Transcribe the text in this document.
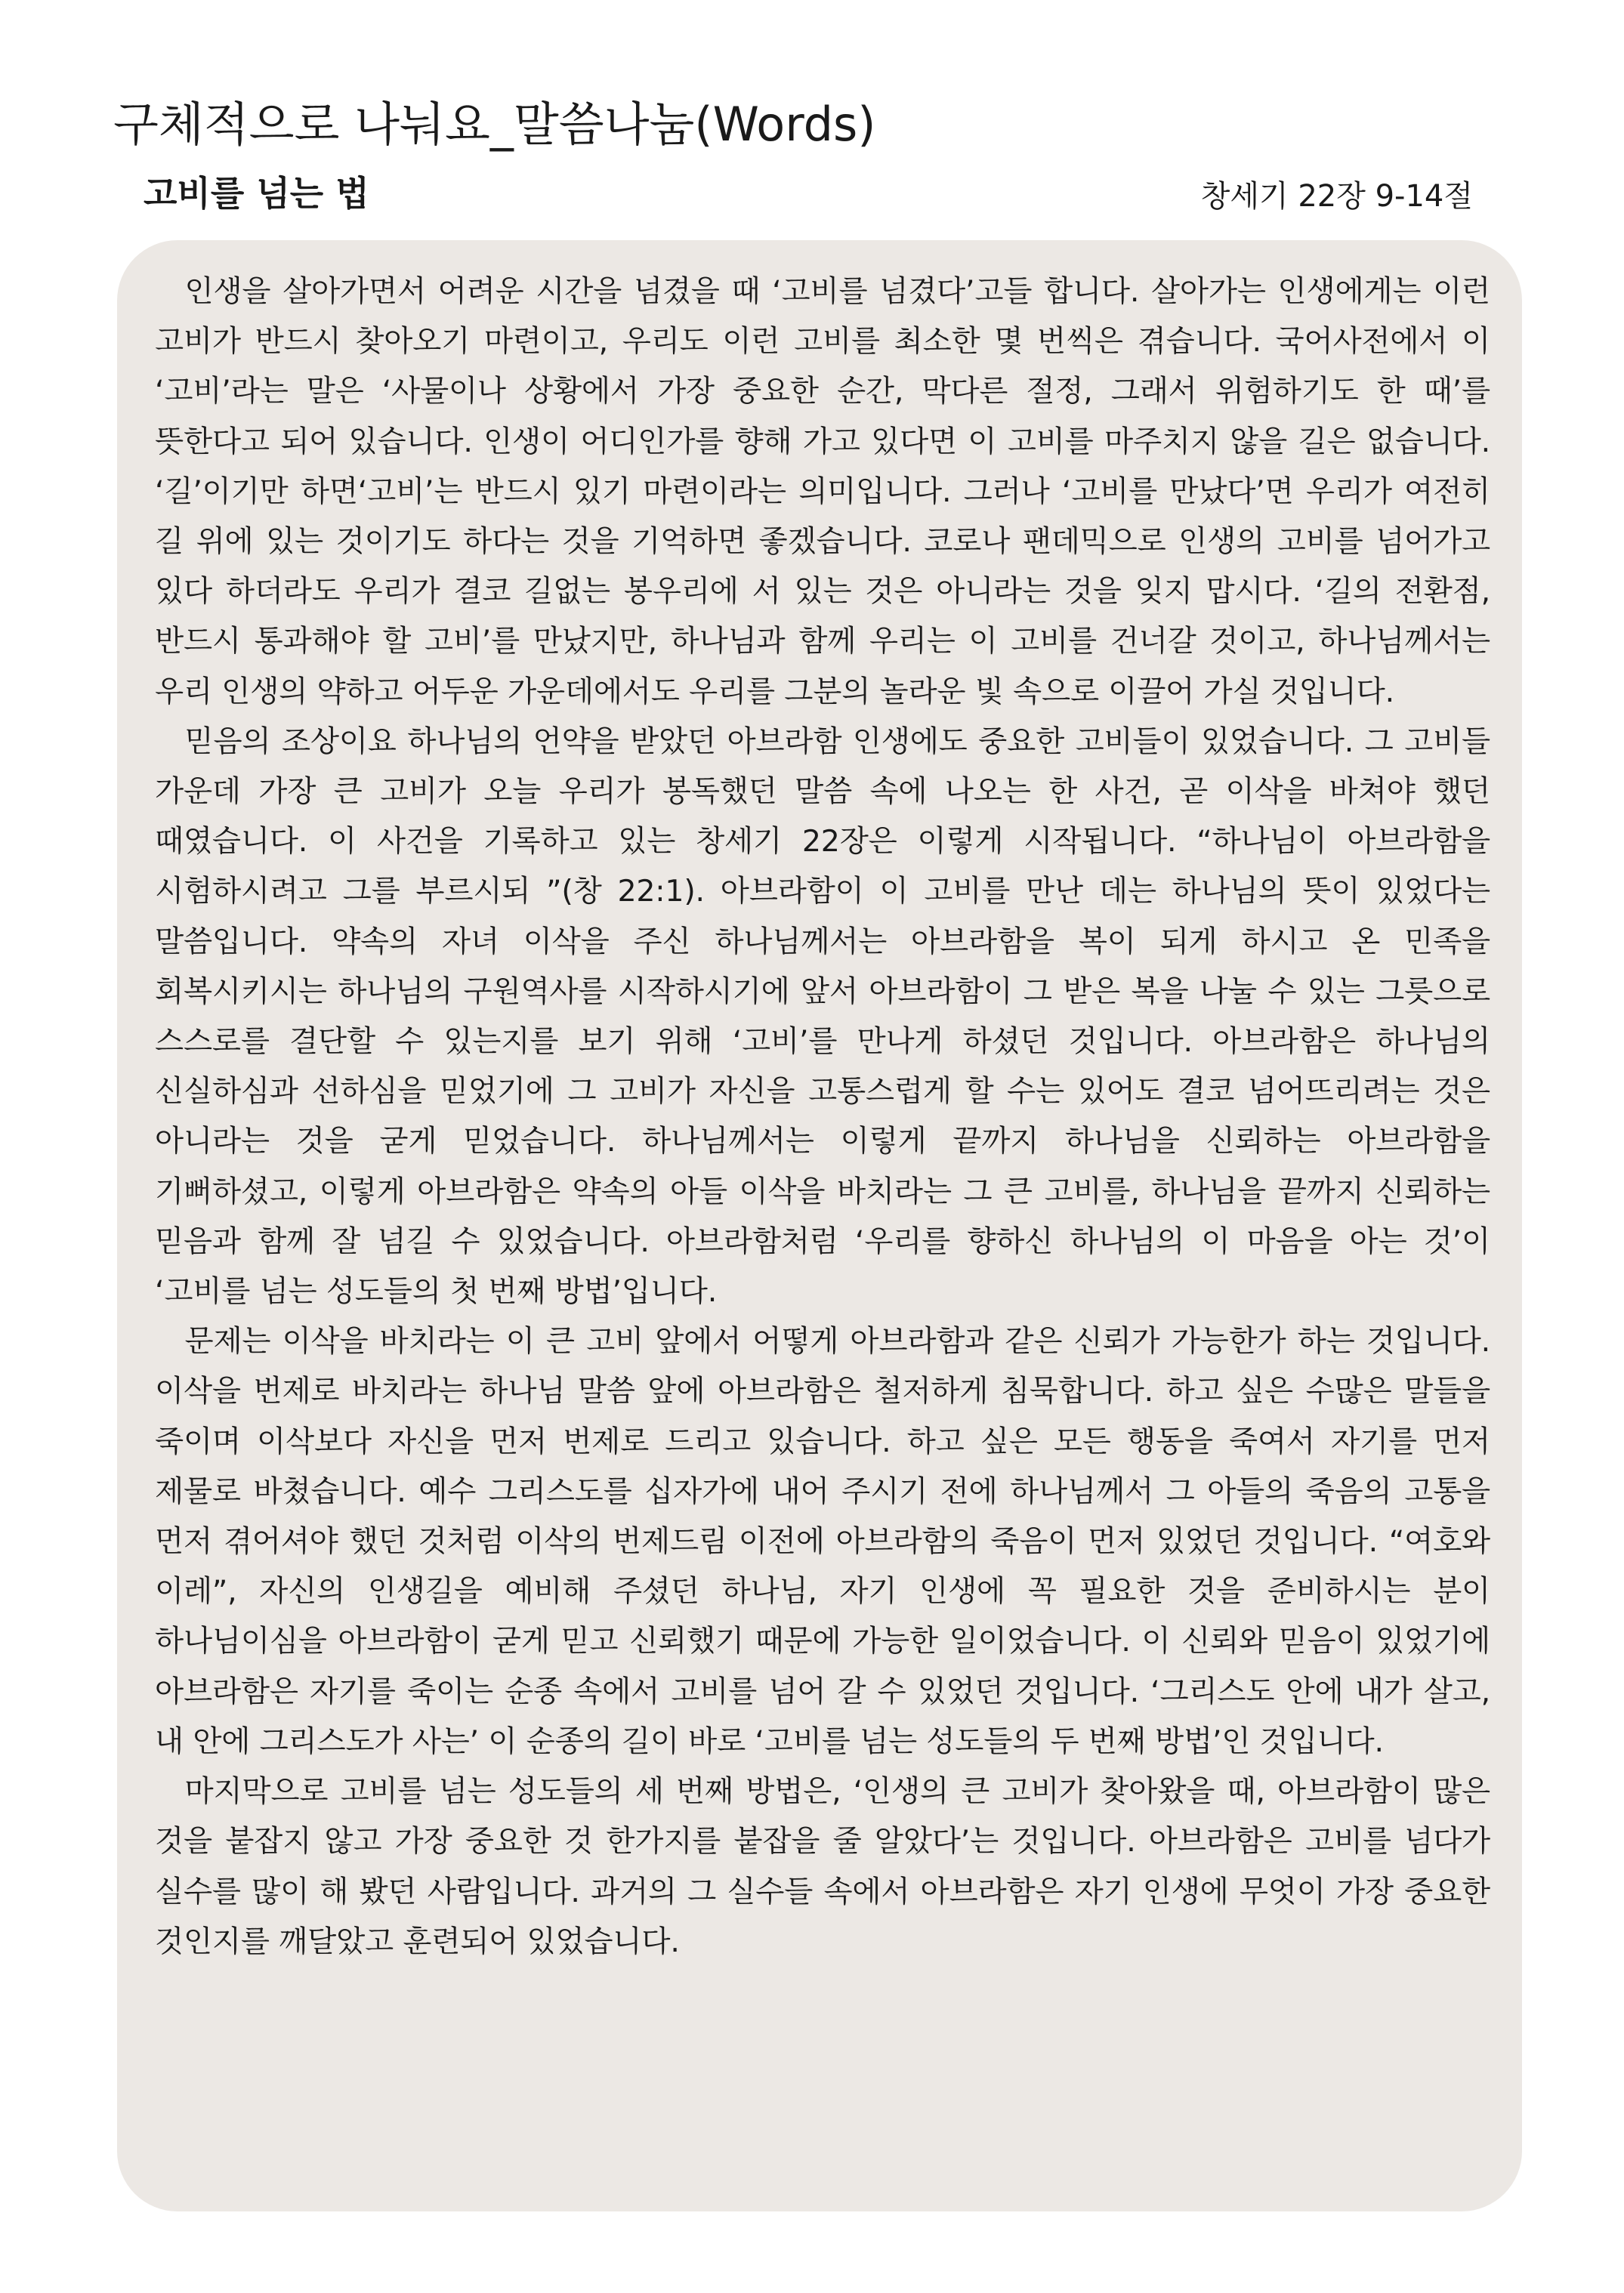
구체적으로 나눠요_말씀나눔(Words)
고비를 넘는 법	창세기 22장 9-14절

인생을 살아가면서 어려운 시간을 넘겼을 때 ‘고비를 넘겼다’고들 합니다. 살아가는 인생에게는 이런 고비가 반드시 찾아오기 마련이고, 우리도 이런 고비를 최소한 몇 번씩은 겪습니다. 국어사전에서 이 ‘고비’라는 말은 ‘사물이나 상황에서 가장 중요한 순간, 막다른 절정, 그래서 위험하기도 한 때’를 뜻한다고 되어 있습니다. 인생이 어디인가를 향해 가고 있다면 이 고비를 마주치지 않을 길은 없습니다. ‘길’이기만 하면‘고비’는 반드시 있기 마련이라는 의미입니다. 그러나 ‘고비를 만났다’면 우리가 여전히 길 위에 있는 것이기도 하다는 것을 기억하면 좋겠습니다. 코로나 팬데믹으로 인생의 고비를 넘어가고 있다 하더라도 우리가 결코 길없는 봉우리에 서 있는 것은 아니라는 것을 잊지 맙시다. ‘길의 전환점, 반드시 통과해야 할 고비’를 만났지만, 하나님과 함께 우리는 이 고비를 건너갈 것이고, 하나님께서는 우리 인생의 약하고 어두운 가운데에서도 우리를 그분의 놀라운 빛 속으로 이끌어 가실 것입니다.

믿음의 조상이요 하나님의 언약을 받았던 아브라함 인생에도 중요한 고비들이 있었습니다. 그 고비들 가운데 가장 큰 고비가 오늘 우리가 봉독했던 말씀 속에 나오는 한 사건, 곧 이삭을 바쳐야 했던 때였습니다. 이 사건을 기록하고 있는 창세기 22장은 이렇게 시작됩니다. “하나님이 아브라함을 시험하시려고 그를 부르시되 ”(창 22:1). 아브라함이 이 고비를 만난 데는 하나님의 뜻이 있었다는 말씀입니다. 약속의 자녀 이삭을 주신 하나님께서는 아브라함을 복이 되게 하시고 온 민족을 회복시키시는 하나님의 구원역사를 시작하시기에 앞서 아브라함이 그 받은 복을 나눌 수 있는 그릇으로 스스로를 결단할 수 있는지를 보기 위해 ‘고비’를 만나게 하셨던 것입니다. 아브라함은 하나님의 신실하심과 선하심을 믿었기에 그 고비가 자신을 고통스럽게 할 수는 있어도 결코 넘어뜨리려는 것은 아니라는 것을 굳게 믿었습니다. 하나님께서는 이렇게 끝까지 하나님을 신뢰하는 아브라함을 기뻐하셨고, 이렇게 아브라함은 약속의 아들 이삭을 바치라는 그 큰 고비를, 하나님을 끝까지 신뢰하는 믿음과 함께 잘 넘길 수 있었습니다. 아브라함처럼 ‘우리를 향하신 하나님의 이 마음을 아는 것’이 ‘고비를 넘는 성도들의 첫 번째 방법’입니다.

문제는 이삭을 바치라는 이 큰 고비 앞에서 어떻게 아브라함과 같은 신뢰가 가능한가 하는 것입니다. 이삭을 번제로 바치라는 하나님 말씀 앞에 아브라함은 철저하게 침묵합니다. 하고 싶은 수많은 말들을 죽이며 이삭보다 자신을 먼저 번제로 드리고 있습니다. 하고 싶은 모든 행동을 죽여서 자기를 먼저 제물로 바쳤습니다. 예수 그리스도를 십자가에 내어 주시기 전에 하나님께서 그 아들의 죽음의 고통을 먼저 겪어셔야 했던 것처럼 이삭의 번제드림 이전에 아브라함의 죽음이 먼저 있었던 것입니다. “여호와 이레”, 자신의 인생길을 예비해 주셨던 하나님, 자기 인생에 꼭 필요한 것을 준비하시는 분이 하나님이심을 아브라함이 굳게 믿고 신뢰했기 때문에 가능한 일이었습니다. 이 신뢰와 믿음이 있었기에 아브라함은 자기를 죽이는 순종 속에서 고비를 넘어 갈 수 있었던 것입니다. ‘그리스도 안에 내가 살고, 내 안에 그리스도가 사는’ 이 순종의 길이 바로 ‘고비를 넘는 성도들의 두 번째 방법’인 것입니다.

마지막으로 고비를 넘는 성도들의 세 번째 방법은, ‘인생의 큰 고비가 찾아왔을 때, 아브라함이 많은 것을 붙잡지 않고 가장 중요한 것 한가지를 붙잡을 줄 알았다’는 것입니다. 아브라함은 고비를 넘다가 실수를 많이 해 봤던 사람입니다. 과거의 그 실수들 속에서 아브라함은 자기 인생에 무엇이 가장 중요한 것인지를 깨달았고 훈련되어 있었습니다.
